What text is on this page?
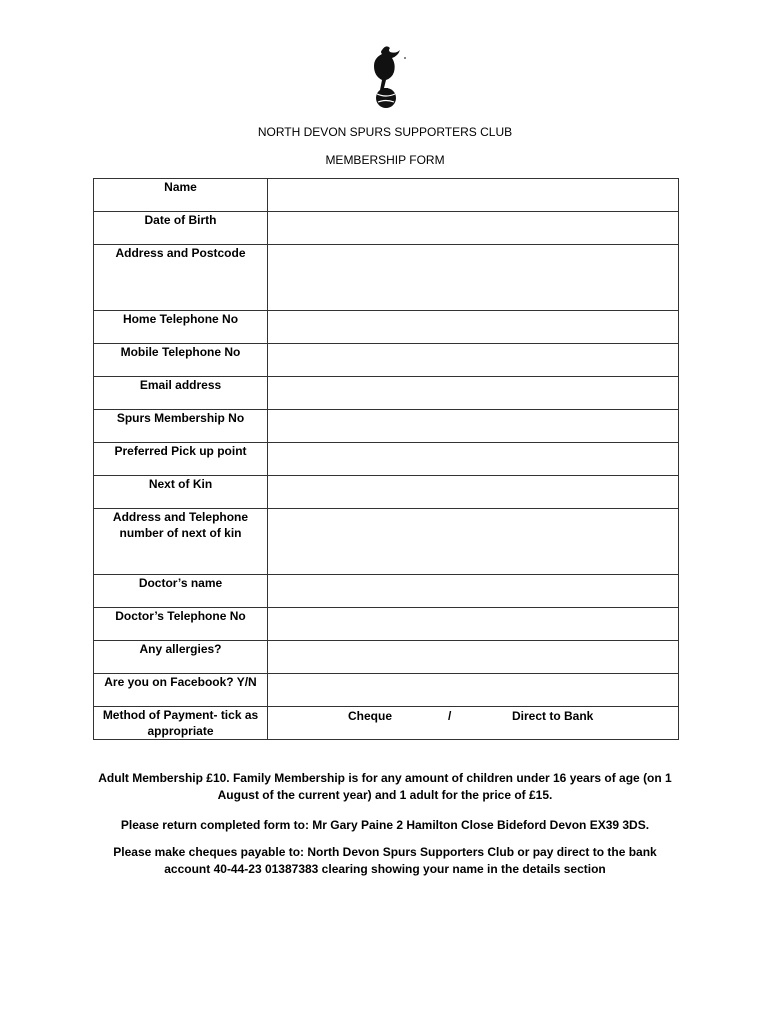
NORTH DEVON SPURS SUPPORTERS CLUB
MEMBERSHIP FORM
Name	
Date of Birth	
Address and Postcode	
Home Telephone No	
Mobile Telephone No	
Email address	
Spurs Membership No	
Preferred Pick up point	
Next of Kin	
Address and Telephone number of next of kin	
Doctor’s name	
Doctor’s Telephone No	
Any allergies?	
Are you on Facebook? Y/N	
Method of Payment- tick as appropriate	Cheque / Direct to Bank
Adult Membership £10. Family Membership is for any amount of children under 16 years of age (on 1 August of the current year) and 1 adult for the price of £15.
Please return completed form to: Mr Gary Paine 2 Hamilton Close Bideford Devon EX39 3DS.
Please make cheques payable to: North Devon Spurs Supporters Club or pay direct to the bank account 40-44-23 01387383 clearing showing your name in the details section
